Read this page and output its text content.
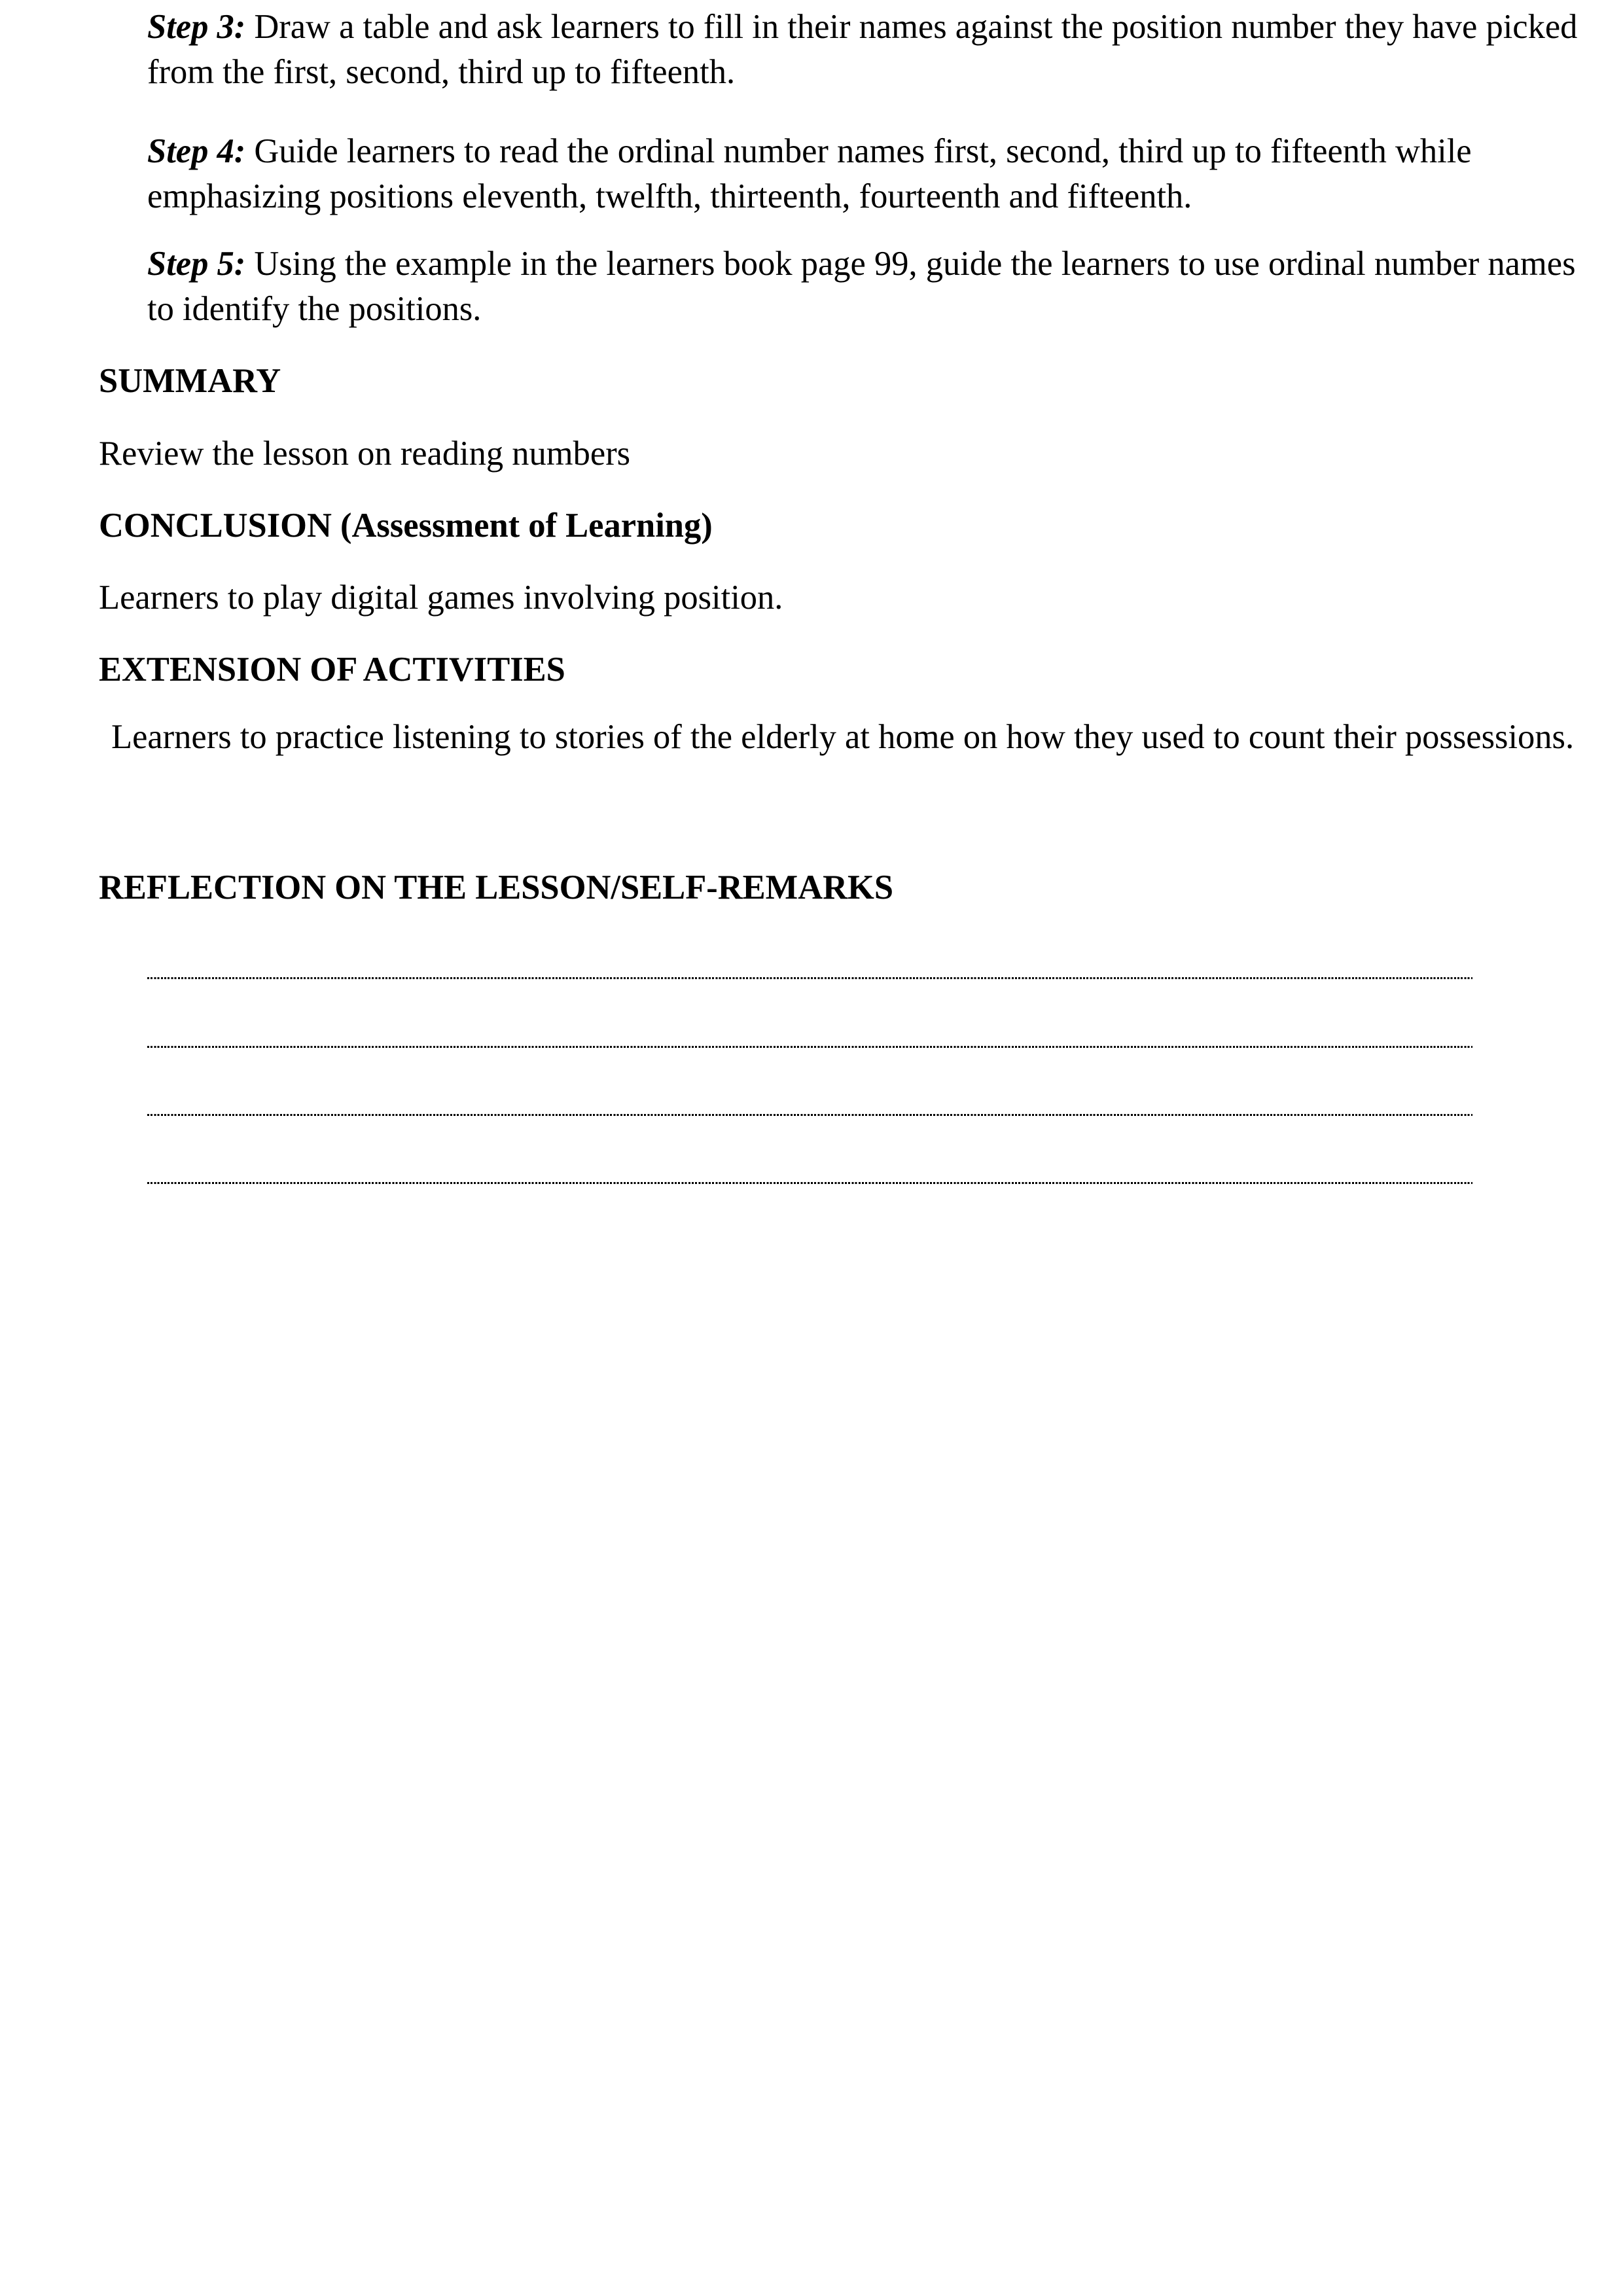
Step 3: Draw a table and ask learners to fill in their names against the position number they have picked
from the first, second, third up to fifteenth.
Step 4: Guide learners to read the ordinal number names first, second, third up to fifteenth while
emphasizing positions eleventh, twelfth, thirteenth, fourteenth and fifteenth.
Step 5: Using the example in the learners book page 99, guide the learners to use ordinal number names
to identify the positions.
SUMMARY
Review the lesson on reading numbers
CONCLUSION (Assessment of Learning)
Learners to play digital games involving position.
EXTENSION OF ACTIVITIES
Learners to practice listening to stories of the elderly at home on how they used to count their possessions.
REFLECTION ON THE LESSON/SELF-REMARKS
